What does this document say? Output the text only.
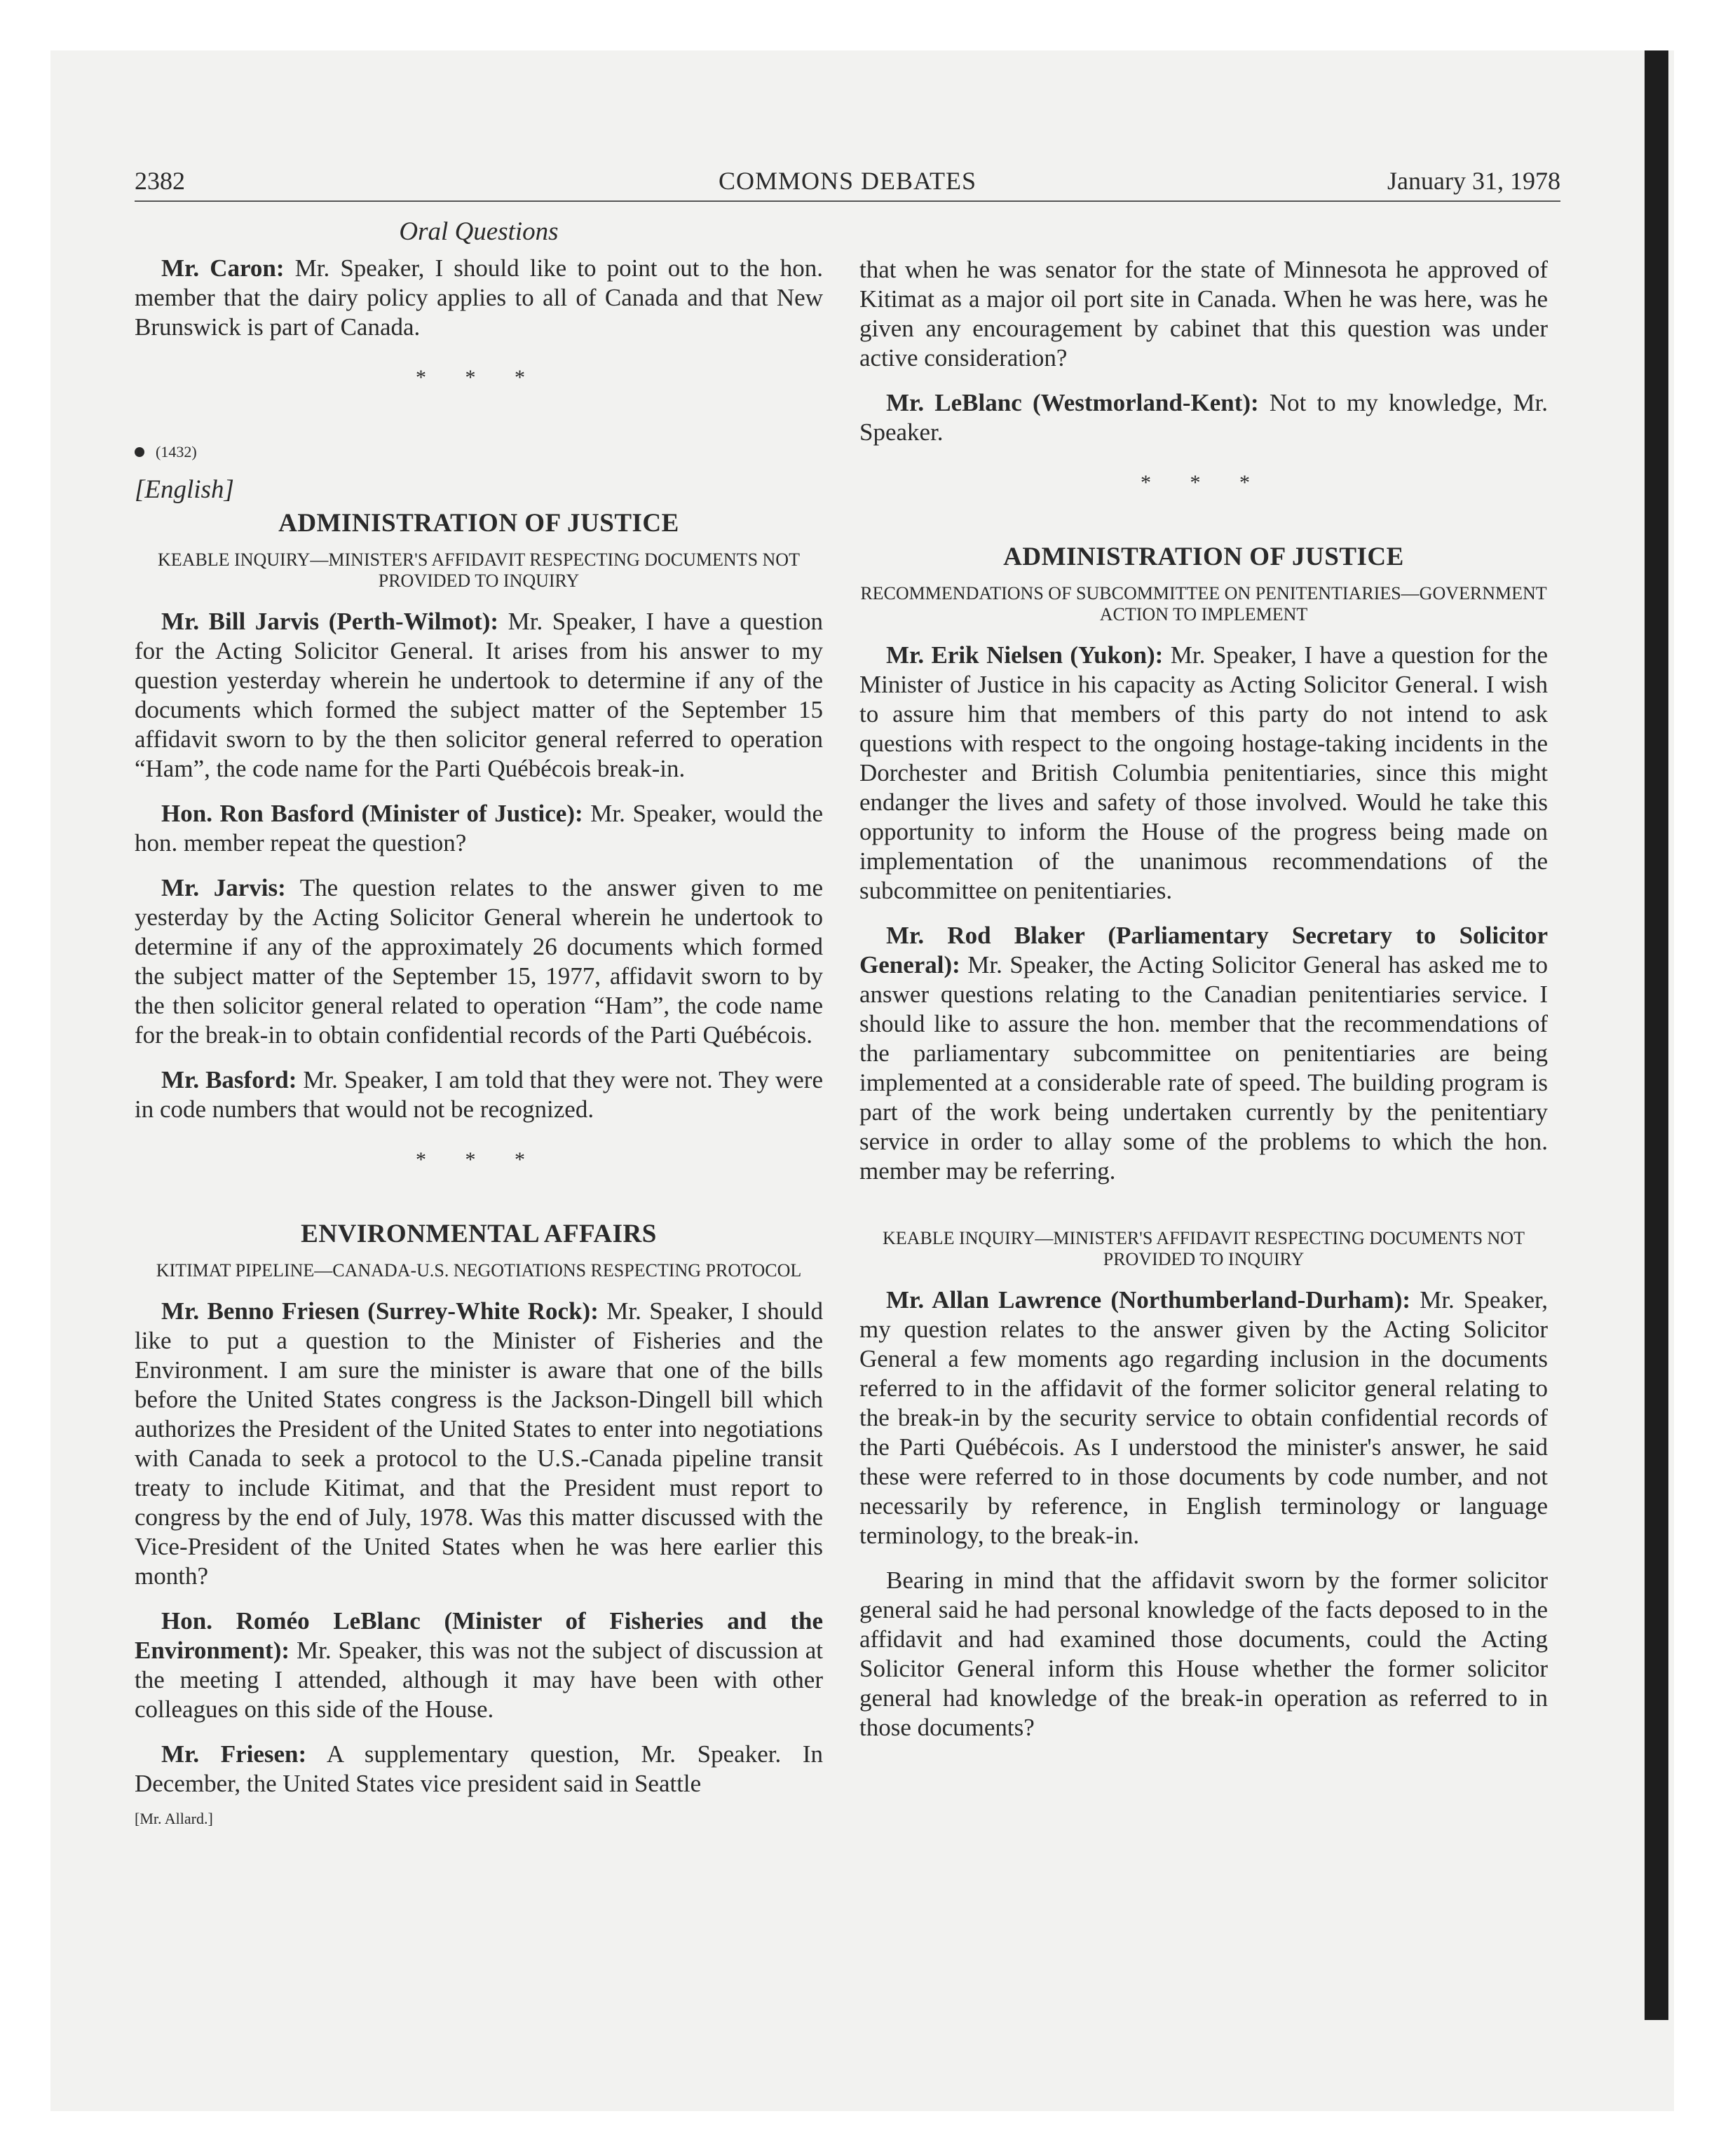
COMMONS DEBATES
2382	January 31, 1978
Oral Questions

Mr. Caron: Mr. Speaker, I should like to point out to the hon. member that the dairy policy applies to all of Canada and that New Brunswick is part of Canada.

* * *
(1432)
[English]
ADMINISTRATION OF JUSTICE
KEABLE INQUIRY—MINISTER'S AFFIDAVIT RESPECTING DOCUMENTS NOT PROVIDED TO INQUIRY

Mr. Bill Jarvis (Perth-Wilmot): Mr. Speaker, I have a question for the Acting Solicitor General. It arises from his answer to my question yesterday wherein he undertook to determine if any of the documents which formed the subject matter of the September 15 affidavit sworn to by the then solicitor general referred to operation “Ham”, the code name for the Parti Québécois break-in.

Hon. Ron Basford (Minister of Justice): Mr. Speaker, would the hon. member repeat the question?

Mr. Jarvis: The question relates to the answer given to me yesterday by the Acting Solicitor General wherein he undertook to determine if any of the approximately 26 documents which formed the subject matter of the September 15, 1977, affidavit sworn to by the then solicitor general related to operation “Ham”, the code name for the break-in to obtain confidential records of the Parti Québécois.

Mr. Basford: Mr. Speaker, I am told that they were not. They were in code numbers that would not be recognized.

* * *
ENVIRONMENTAL AFFAIRS
KITIMAT PIPELINE—CANADA-U.S. NEGOTIATIONS RESPECTING PROTOCOL

Mr. Benno Friesen (Surrey-White Rock): Mr. Speaker, I should like to put a question to the Minister of Fisheries and the Environment. I am sure the minister is aware that one of the bills before the United States congress is the Jackson-Dingell bill which authorizes the President of the United States to enter into negotiations with Canada to seek a protocol to the U.S.-Canada pipeline transit treaty to include Kitimat, and that the President must report to congress by the end of July, 1978. Was this matter discussed with the Vice-President of the United States when he was here earlier this month?

Hon. Roméo LeBlanc (Minister of Fisheries and the Environment): Mr. Speaker, this was not the subject of discussion at the meeting I attended, although it may have been with other colleagues on this side of the House.

Mr. Friesen: A supplementary question, Mr. Speaker. In December, the United States vice president said in Seattle

[Mr. Allard.]

that when he was senator for the state of Minnesota he approved of Kitimat as a major oil port site in Canada. When he was here, was he given any encouragement by cabinet that this question was under active consideration?

Mr. LeBlanc (Westmorland-Kent): Not to my knowledge, Mr. Speaker.

* * *
ADMINISTRATION OF JUSTICE
RECOMMENDATIONS OF SUBCOMMITTEE ON PENITENTIARIES—GOVERNMENT ACTION TO IMPLEMENT

Mr. Erik Nielsen (Yukon): Mr. Speaker, I have a question for the Minister of Justice in his capacity as Acting Solicitor General. I wish to assure him that members of this party do not intend to ask questions with respect to the ongoing hostage-taking incidents in the Dorchester and British Columbia penitentiaries, since this might endanger the lives and safety of those involved. Would he take this opportunity to inform the House of the progress being made on implementation of the unanimous recommendations of the subcommittee on penitentiaries.

Mr. Rod Blaker (Parliamentary Secretary to Solicitor General): Mr. Speaker, the Acting Solicitor General has asked me to answer questions relating to the Canadian penitentiaries service. I should like to assure the hon. member that the recommendations of the parliamentary subcommittee on penitentiaries are being implemented at a considerable rate of speed. The building program is part of the work being undertaken currently by the penitentiary service in order to allay some of the problems to which the hon. member may be referring.

KEABLE INQUIRY—MINISTER'S AFFIDAVIT RESPECTING DOCUMENTS NOT PROVIDED TO INQUIRY

Mr. Allan Lawrence (Northumberland-Durham): Mr. Speaker, my question relates to the answer given by the Acting Solicitor General a few moments ago regarding inclusion in the documents referred to in the affidavit of the former solicitor general relating to the break-in by the security service to obtain confidential records of the Parti Québécois. As I understood the minister's answer, he said these were referred to in those documents by code number, and not necessarily by reference, in English terminology or language terminology, to the break-in.

Bearing in mind that the affidavit sworn by the former solicitor general said he had personal knowledge of the facts deposed to in the affidavit and had examined those documents, could the Acting Solicitor General inform this House whether the former solicitor general had knowledge of the break-in operation as referred to in those documents?
